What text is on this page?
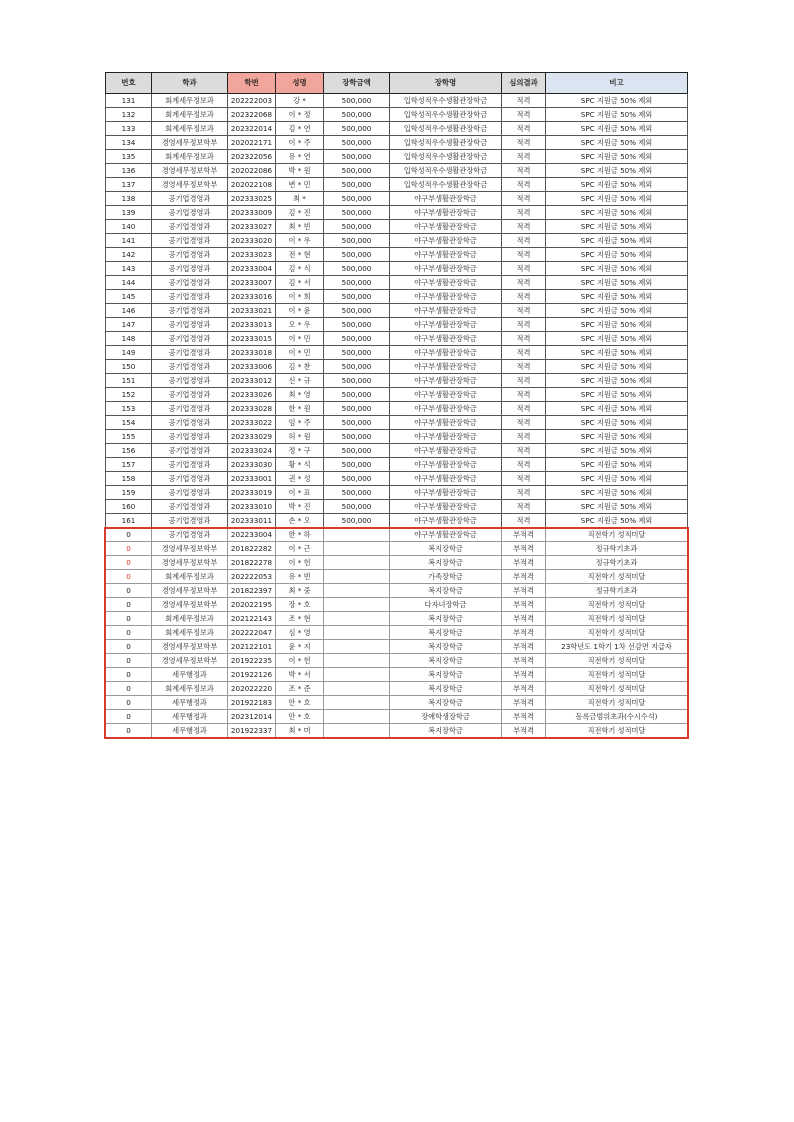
번호	학과	학번	성명	장학금액	장학명	심의결과	비고
131	회계세무정보과	202222003	강 *	500,000	입학성적우수생활관장학금	적격	SPC 지원금 50% 제외
132	회계세무정보과	202322068	이 * 정	500,000	입학성적우수생활관장학금	적격	SPC 지원금 50% 제외
133	회계세무정보과	202322014	김 * 연	500,000	입학성적우수생활관장학금	적격	SPC 지원금 50% 제외
134	경영세무정보학부	202022171	이 * 주	500,000	입학성적우수생활관장학금	적격	SPC 지원금 50% 제외
135	회계세무정보과	202322056	유 * 연	500,000	입학성적우수생활관장학금	적격	SPC 지원금 50% 제외
136	경영세무정보학부	202022086	박 * 원	500,000	입학성적우수생활관장학금	적격	SPC 지원금 50% 제외
137	경영세무정보학부	202022108	변 * 민	500,000	입학성적우수생활관장학금	적격	SPC 지원금 50% 제외
138	공기업경영과	202333025	최 *	500,000	야구부생활관장학금	적격	SPC 지원금 50% 제외
139	공기업경영과	202333009	김 * 진	500,000	야구부생활관장학금	적격	SPC 지원금 50% 제외
140	공기업경영과	202333027	최 * 빈	500,000	야구부생활관장학금	적격	SPC 지원금 50% 제외
141	공기업경영과	202333020	이 * 우	500,000	야구부생활관장학금	적격	SPC 지원금 50% 제외
142	공기업경영과	202333023	전 * 현	500,000	야구부생활관장학금	적격	SPC 지원금 50% 제외
143	공기업경영과	202333004	김 * 식	500,000	야구부생활관장학금	적격	SPC 지원금 50% 제외
144	공기업경영과	202333007	김 * 서	500,000	야구부생활관장학금	적격	SPC 지원금 50% 제외
145	공기업경영과	202333016	이 * 희	500,000	야구부생활관장학금	적격	SPC 지원금 50% 제외
146	공기업경영과	202333021	이 * 윤	500,000	야구부생활관장학금	적격	SPC 지원금 50% 제외
147	공기업경영과	202333013	오 * 우	500,000	야구부생활관장학금	적격	SPC 지원금 50% 제외
148	공기업경영과	202333015	이 * 민	500,000	야구부생활관장학금	적격	SPC 지원금 50% 제외
149	공기업경영과	202333018	이 * 민	500,000	야구부생활관장학금	적격	SPC 지원금 50% 제외
150	공기업경영과	202333006	김 * 찬	500,000	야구부생활관장학금	적격	SPC 지원금 50% 제외
151	공기업경영과	202333012	신 * 규	500,000	야구부생활관장학금	적격	SPC 지원금 50% 제외
152	공기업경영과	202333026	최 * 영	500,000	야구부생활관장학금	적격	SPC 지원금 50% 제외
153	공기업경영과	202333028	한 * 원	500,000	야구부생활관장학금	적격	SPC 지원금 50% 제외
154	공기업경영과	202333022	임 * 주	500,000	야구부생활관장학금	적격	SPC 지원금 50% 제외
155	공기업경영과	202333029	허 * 원	500,000	야구부생활관장학금	적격	SPC 지원금 50% 제외
156	공기업경영과	202333024	정 * 구	500,000	야구부생활관장학금	적격	SPC 지원금 50% 제외
157	공기업경영과	202333030	황 * 석	500,000	야구부생활관장학금	적격	SPC 지원금 50% 제외
158	공기업경영과	202333001	권 * 성	500,000	야구부생활관장학금	적격	SPC 지원금 50% 제외
159	공기업경영과	202333019	이 * 표	500,000	야구부생활관장학금	적격	SPC 지원금 50% 제외
160	공기업경영과	202333010	박 * 진	500,000	야구부생활관장학금	적격	SPC 지원금 50% 제외
161	공기업경영과	202333011	손 * 오	500,000	야구부생활관장학금	적격	SPC 지원금 50% 제외
0	공기업경영과	202233004	한 * 하		야구부생활관장학금	부적격	직전학기 성적미달
0	경영세무정보학부	201822282	이 * 근		복지장학금	부적격	정규학기초과
0	경영세무정보학부	201822278	이 * 헌		복지장학금	부적격	정규학기초과
0	회계세무정보과	202222053	유 * 빈		가족장학금	부적격	직전학기 성적미달
0	경영세무정보학부	201822397	최 * 중		복지장학금	부적격	정규학기초과
0	경영세무정보학부	202022195	장 * 호		다자녀장학금	부적격	직전학기 성적미달
0	회계세무정보과	202122143	조 * 현		복지장학금	부적격	직전학기 성적미달
0	회계세무정보과	202222047	심 * 영		복지장학금	부적격	직전학기 성적미달
0	경영세무정보학부	202122101	윤 * 지		복지장학금	부적격	23학년도 1학기 1차 선감면 지급자
0	경영세무정보학부	201922235	이 * 헌		복지장학금	부적격	직전학기 성적미달
0	세무행정과	201922126	박 * 서		복지장학금	부적격	직전학기 성적미달
0	회계세무정보과	202022220	조 * 준		복지장학금	부적격	직전학기 성적미달
0	세무행정과	201922183	안 * 호		복지장학금	부적격	직전학기 성적미달
0	세무행정과	202312014	안 * 호		장애학생장학금	부적격	등록금범위초과(수시수석)
0	세무행정과	201922337	최 * 미		복지장학금	부적격	직전학기 성적미달
